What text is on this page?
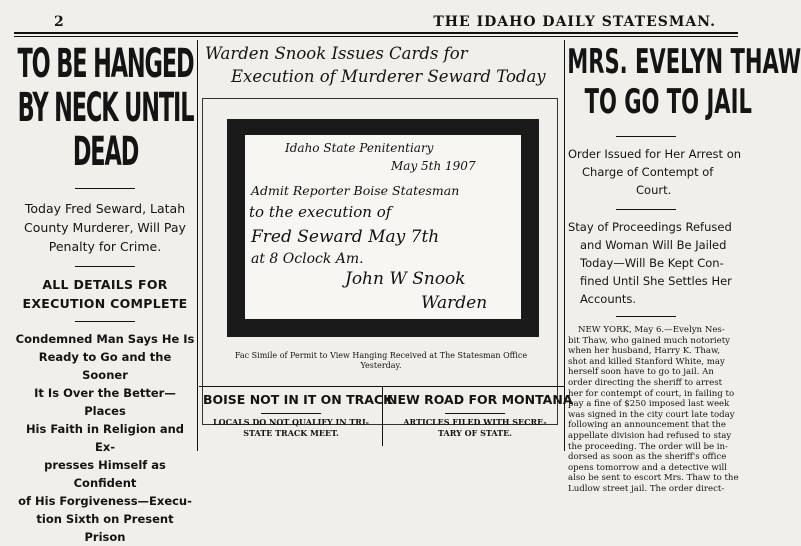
2	THE IDAHO DAILY STATESMAN.
TO BE HANGED
BY NECK UNTIL
DEAD
Today Fred Seward, Latah
County Murderer, Will Pay
Penalty for Crime.
ALL DETAILS FOR
EXECUTION COMPLETE
Condemned Man Says He Is
Ready to Go and the Sooner
It Is Over the Better—Places
His Faith in Religion and Ex-
presses Himself as Confident
of His Forgiveness—Execu-
tion Sixth on Present Prison
Warden Snook Issues Cards for
Execution of Murderer Seward Today
Idaho State Penitentiary
May 5th 1907
Admit Reporter Boise Statesman
to the execution of
Fred Seward May 7th
at 8 Oclock Am.
John W Snook
Warden
Fac Simile of Permit to View Hanging Received at The Statesman Office
Yesterday.
BOISE NOT IN IT ON TRACK
LOCALS DO NOT QUALIFY IN TRI-
STATE TRACK MEET.
NEW ROAD FOR MONTANA
ARTICLES FILED WITH SECRE-
TARY OF STATE.
MRS. EVELYN THAW
TO GO TO JAIL
Order Issued for Her Arrest on
Charge of Contempt of
Court.
Stay of Proceedings Refused
and Woman Will Be Jailed
Today—Will Be Kept Con-
fined Until She Settles Her
Accounts.
NEW YORK, May 6.—Evelyn Nes-
bit Thaw, who gained much notoriety
when her husband, Harry K. Thaw,
shot and killed Stanford White, may
herself soon have to go to jail. An
order directing the sheriff to arrest
her for contempt of court, in failing to
pay a fine of $250 imposed last week
was signed in the city court late today
following an announcement that the
appellate division had refused to stay
the proceeding. The order will be in-
dorsed as soon as the sheriff's office
opens tomorrow and a detective will
also be sent to escort Mrs. Thaw to the
Ludlow street jail. The order direct-
